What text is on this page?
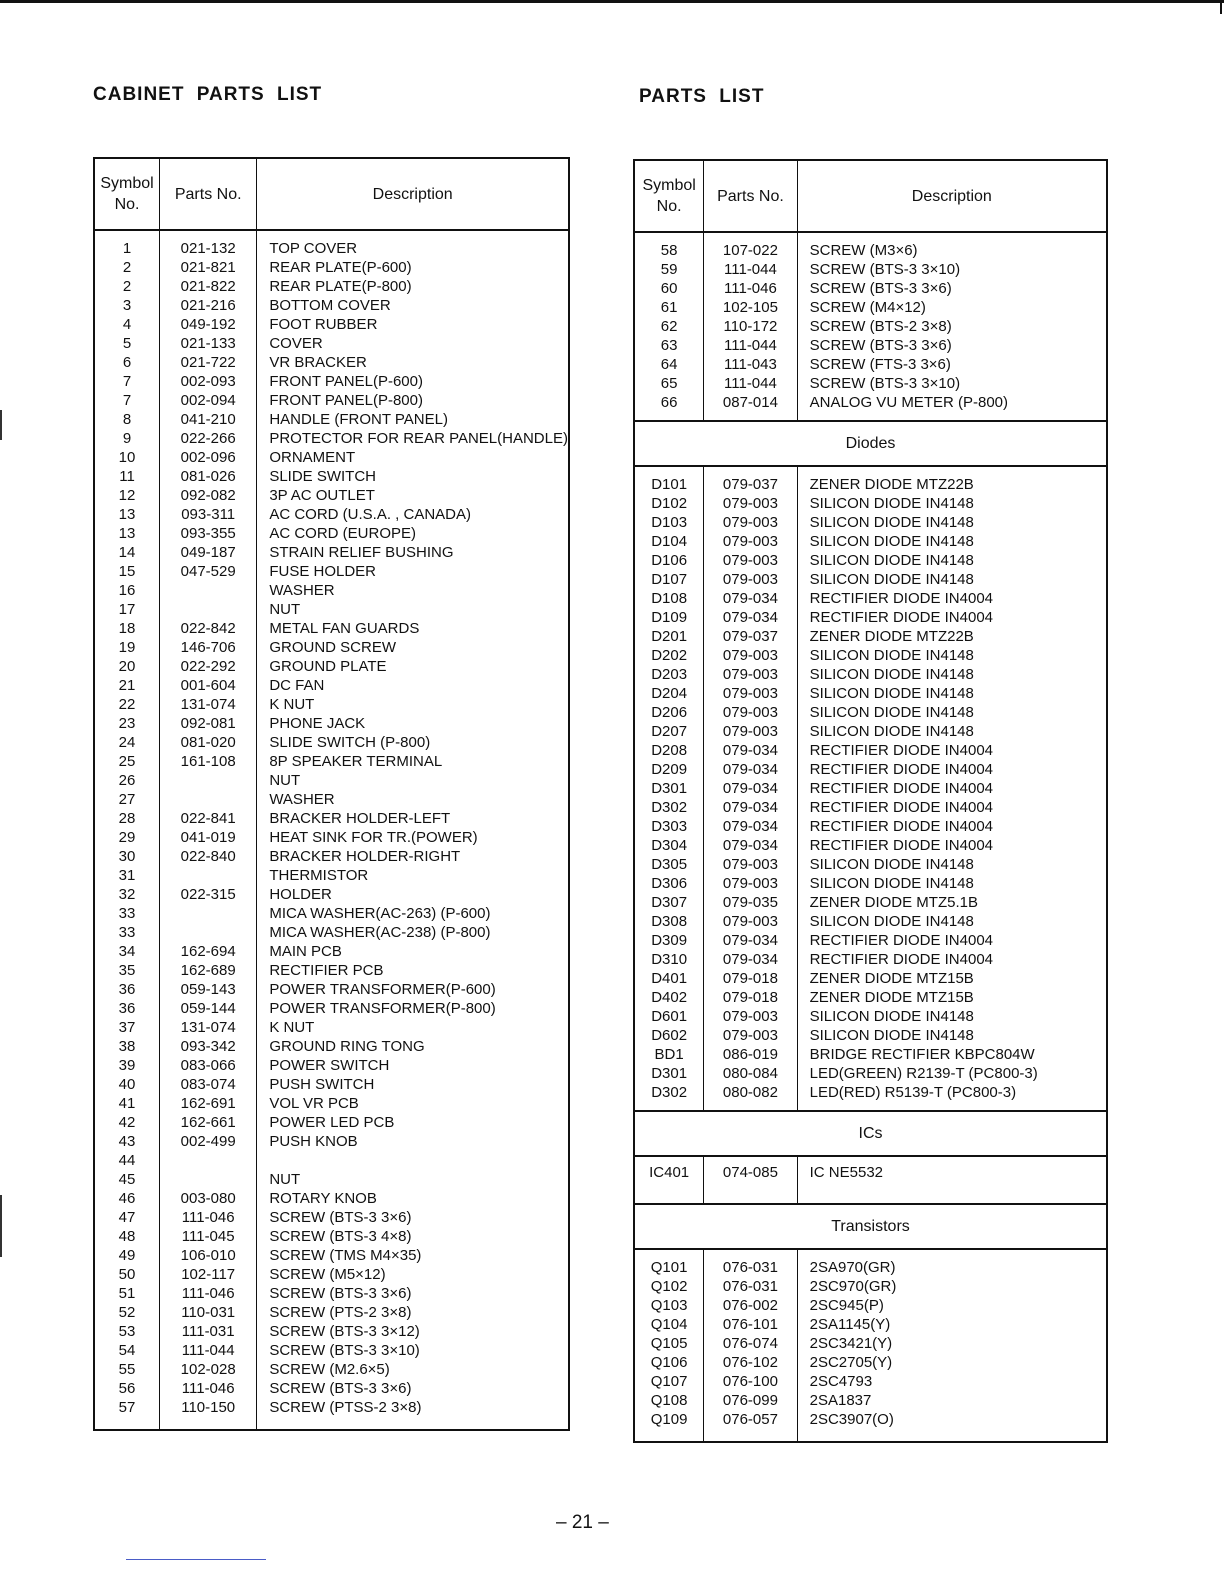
CABINET PARTS LIST	PARTS LIST
Symbol
No.	Parts No.	Description

1	021-132	TOP COVER
2	021-821	REAR PLATE(P-600)
2	021-822	REAR PLATE(P-800)
3	021-216	BOTTOM COVER
4	049-192	FOOT RUBBER
5	021-133	COVER
6	021-722	VR BRACKER
7	002-093	FRONT PANEL(P-600)
7	002-094	FRONT PANEL(P-800)
8	041-210	HANDLE (FRONT PANEL)
9	022-266	PROTECTOR FOR REAR PANEL(HANDLE)
10	002-096	ORNAMENT
11	081-026	SLIDE SWITCH
12	092-082	3P AC OUTLET
13	093-311	AC CORD (U.S.A. , CANADA)
13	093-355	AC CORD (EUROPE)
14	049-187	STRAIN RELIEF BUSHING
15	047-529	FUSE HOLDER
16		WASHER
17		NUT
18	022-842	METAL FAN GUARDS
19	146-706	GROUND SCREW
20	022-292	GROUND PLATE
21	001-604	DC FAN
22	131-074	K NUT
23	092-081	PHONE JACK
24	081-020	SLIDE SWITCH (P-800)
25	161-108	8P SPEAKER TERMINAL
26		NUT
27		WASHER
28	022-841	BRACKER HOLDER-LEFT
29	041-019	HEAT SINK FOR TR.(POWER)
30	022-840	BRACKER HOLDER-RIGHT
31		THERMISTOR
32	022-315	HOLDER
33		MICA WASHER(AC-263) (P-600)
33		MICA WASHER(AC-238) (P-800)
34	162-694	MAIN PCB
35	162-689	RECTIFIER PCB
36	059-143	POWER TRANSFORMER(P-600)
36	059-144	POWER TRANSFORMER(P-800)
37	131-074	K NUT
38	093-342	GROUND RING TONG
39	083-066	POWER SWITCH
40	083-074	PUSH SWITCH
41	162-691	VOL VR PCB
42	162-661	POWER LED PCB
43	002-499	PUSH KNOB
44		
45		NUT
46	003-080	ROTARY KNOB
47	111-046	SCREW (BTS-3 3×6)
48	111-045	SCREW (BTS-3 4×8)
49	106-010	SCREW (TMS M4×35)
50	102-117	SCREW (M5×12)
51	111-046	SCREW (BTS-3 3×6)
52	110-031	SCREW (PTS-2 3×8)
53	111-031	SCREW (BTS-3 3×12)
54	111-044	SCREW (BTS-3 3×10)
55	102-028	SCREW (M2.6×5)
56	111-046	SCREW (BTS-3 3×6)
57	110-150	SCREW (PTSS-2 3×8)

Symbol
No.	Parts No.	Description

58	107-022	SCREW (M3×6)
59	111-044	SCREW (BTS-3 3×10)
60	111-046	SCREW (BTS-3 3×6)
61	102-105	SCREW (M4×12)
62	110-172	SCREW (BTS-2 3×8)
63	111-044	SCREW (BTS-3 3×6)
64	111-043	SCREW (FTS-3 3×6)
65	111-044	SCREW (BTS-3 3×10)
66	087-014	ANALOG VU METER (P-800)

Diodes		

D101	079-037	ZENER DIODE MTZ22B
D102	079-003	SILICON DIODE IN4148
D103	079-003	SILICON DIODE IN4148
D104	079-003	SILICON DIODE IN4148
D106	079-003	SILICON DIODE IN4148
D107	079-003	SILICON DIODE IN4148
D108	079-034	RECTIFIER DIODE IN4004
D109	079-034	RECTIFIER DIODE IN4004
D201	079-037	ZENER DIODE MTZ22B
D202	079-003	SILICON DIODE IN4148
D203	079-003	SILICON DIODE IN4148
D204	079-003	SILICON DIODE IN4148
D206	079-003	SILICON DIODE IN4148
D207	079-003	SILICON DIODE IN4148
D208	079-034	RECTIFIER DIODE IN4004
D209	079-034	RECTIFIER DIODE IN4004
D301	079-034	RECTIFIER DIODE IN4004
D302	079-034	RECTIFIER DIODE IN4004
D303	079-034	RECTIFIER DIODE IN4004
D304	079-034	RECTIFIER DIODE IN4004
D305	079-003	SILICON DIODE IN4148
D306	079-003	SILICON DIODE IN4148
D307	079-035	ZENER DIODE MTZ5.1B
D308	079-003	SILICON DIODE IN4148
D309	079-034	RECTIFIER DIODE IN4004
D310	079-034	RECTIFIER DIODE IN4004
D401	079-018	ZENER DIODE MTZ15B
D402	079-018	ZENER DIODE MTZ15B
D601	079-003	SILICON DIODE IN4148
D602	079-003	SILICON DIODE IN4148
BD1	086-019	BRIDGE RECTIFIER KBPC804W
D301	080-084	LED(GREEN) R2139-T (PC800-3)
D302	080-082	LED(RED) R5139-T (PC800-3)

ICs		
IC401	074-085	IC NE5532
Transistors		

Q101	076-031	2SA970(GR)
Q102	076-031	2SC970(GR)
Q103	076-002	2SC945(P)
Q104	076-101	2SA1145(Y)
Q105	076-074	2SC3421(Y)
Q106	076-102	2SC2705(Y)
Q107	076-100	2SC4793
Q108	076-099	2SA1837
Q109	076-057	2SC3907(O)

– 21 –
